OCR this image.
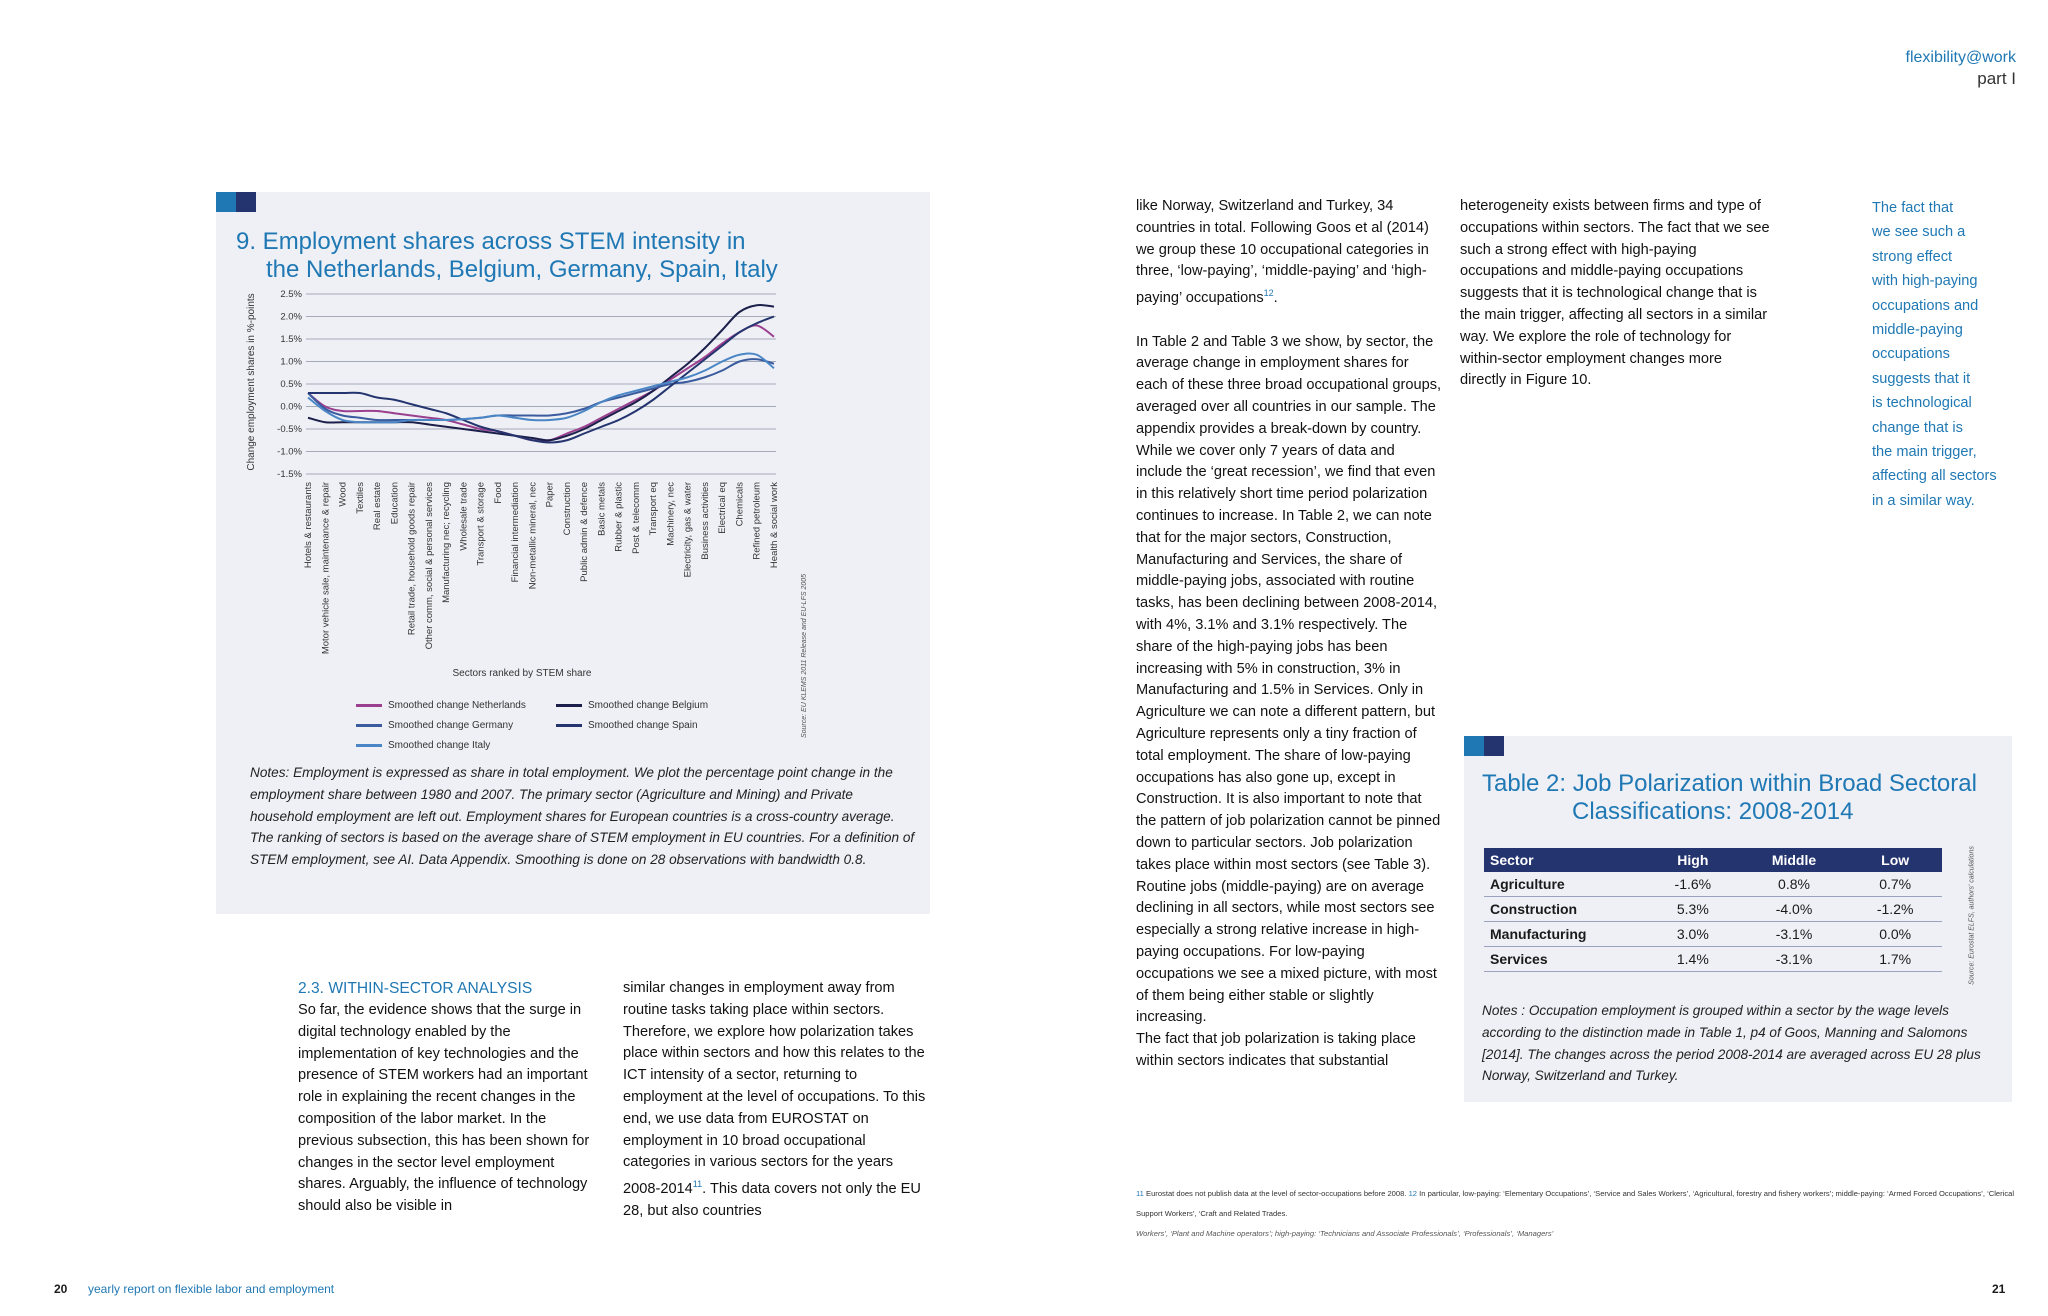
flexibility@work
part I
9. Employment shares across STEM intensity in
the Netherlands, Belgium, Germany, Spain, Italy
2.5%
2.0%
1.5%
1.0%
0.5%
0.0%
-0.5%
-1.0%
-1.5%
Hotels & restaurants Motor vehicle sale, maintenance & repair Wood Textiles Real estate Education Retail trade, household goods repair Other comm, social & personal services Manufacturing nec; recycling Wholesale trade Transport & storage Food Financial intermediation Non-metallic mineral, nec Paper Construction Public admin & defence Basic metals Rubber & plastic Post & telecomm Transport eq Machinery, nec Electricity, gas & water Business activities Electrical eq Chemicals Refined petroleum Health & social work
Change employment shares in %-points
Sectors ranked by STEM share	Source: EU KLEMS 2011 Release and EU-LFS 2005
Smoothed change Netherlands	Smoothed change Belgium
Smoothed change Germany	Smoothed change Spain
Smoothed change Italy
Notes: Employment is expressed as share in total employment. We plot the percentage point change in the employment share between 1980 and 2007. The primary sector (Agriculture and Mining) and Private household employment are left out. Employment shares for European countries is a cross-country average. The ranking of sectors is based on the average share of STEM employment in EU countries. For a definition of STEM employment, see AI. Data Appendix. Smoothing is done on 28 observations with bandwidth 0.8.
2.3. WITHIN-SECTOR ANALYSIS
So far, the evidence shows that the surge in digital technology enabled by the implementation of key technologies and the presence of STEM workers had an important role in explaining the recent changes in the composition of the labor market. In the previous subsection, this has been shown for changes in the sector level employment shares. Arguably, the influence of technology should also be visible in
similar changes in employment away from routine tasks taking place within sectors. Therefore, we explore how polarization takes place within sectors and how this relates to the ICT intensity of a sector, returning to employment at the level of occupations. To this end, we use data from EUROSTAT on employment in 10 broad occupational categories in various sectors for the years 2008-2014$^{11}$. This data covers not only the EU 28, but also countries
like Norway, Switzerland and Turkey, 34 countries in total. Following Goos et al (2014) we group these 10 occupational categories in three, ‘low-paying’, ‘middle-paying’ and ‘high-paying’ occupations$^{12}$.
In Table 2 and Table 3 we show, by sector, the average change in employment shares for each of these three broad occupational groups, averaged over all countries in our sample. The appendix provides a break-down by country.
While we cover only 7 years of data and include the ‘great recession’, we find that even in this relatively short time period polarization continues to increase. In Table 2, we can note that for the major sectors, Construction, Manufacturing and Services, the share of middle-paying jobs, associated with routine tasks, has been declining between 2008-2014, with 4%, 3.1% and 3.1% respectively. The share of the high-paying jobs has been increasing with 5% in construction, 3% in Manufacturing and 1.5% in Services. Only in Agriculture we can note a different pattern, but Agriculture represents only a tiny fraction of total employment. The share of low-paying occupations has also gone up, except in Construction. It is also important to note that the pattern of job polarization cannot be pinned down to particular sectors. Job polarization takes place within most sectors (see Table 3). Routine jobs (middle-paying) are on average declining in all sectors, while most sectors see especially a strong relative increase in high-paying occupations. For low-paying occupations we see a mixed picture, with most of them being either stable or slightly increasing.
The fact that job polarization is taking place within sectors indicates that substantial
heterogeneity exists between firms and type of occupations within sectors. The fact that we see such a strong effect with high-paying occupations and middle-paying occupations suggests that it is technological change that is the main trigger, affecting all sectors in a similar way. We explore the role of technology for within-sector employment changes more directly in Figure 10.
The fact that
we see such a
strong effect
with high-paying
occupations and
middle-paying
occupations
suggests that it
is technological
change that is
the main trigger,
affecting all sectors
in a similar way.
Table 2: Job Polarization within Broad Sectoral
Classifications: 2008-2014
Sector	High	Middle	Low
Agriculture	-1.6%	0.8%	0.7%
Construction	5.3%	-4.0%	-1.2%
Manufacturing	3.0%	-3.1%	0.0%
Services	1.4%	-3.1%	1.7%	Source: Eurostat ELFS, authors' calculations
Notes : Occupation employment is grouped within a sector by the wage levels according to the distinction made in Table 1, p4 of Goos, Manning and Salomons [2014]. The changes across the period 2008-2014 are averaged across EU 28 plus Norway, Switzerland and Turkey.
11 Eurostat does not publish data at the level of sector-occupations before 2008. 12 In particular, low-paying: ‘Elementary Occupations’, ‘Service and Sales Workers’, ‘Agricultural, forestry and fishery workers’; middle-paying: ‘Armed Forced Occupations’, ‘Clerical Support Workers’, ‘Craft and Related Trades.
Workers’, ‘Plant and Machine operators’; high-paying: ‘Technicians and Associate Professionals’, ‘Professionals’, ‘Managers’
20 yearly report on flexible labor and employment	21
